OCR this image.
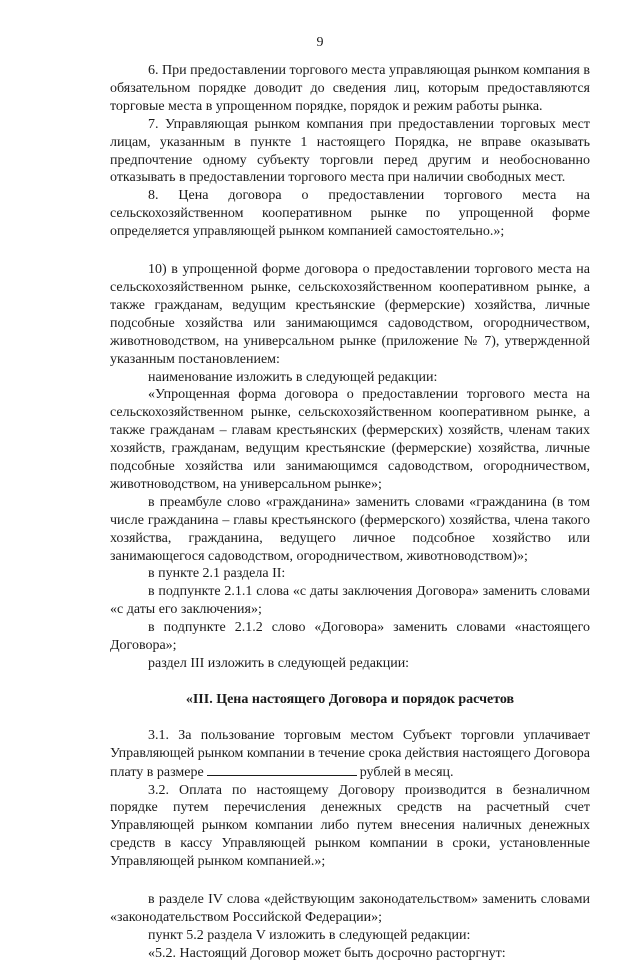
9

6. При предоставлении торгового места управляющая рынком компания в обязательном порядке доводит до сведения лиц, которым предоставляются торговые места в упрощенном порядке, порядок и режим работы рынка.

7. Управляющая рынком компания при предоставлении торговых мест лицам, указанным в пункте 1 настоящего Порядка, не вправе оказывать предпочтение одному субъекту торговли перед другим и необоснованно отказывать в предоставлении торгового места при наличии свободных мест.

8. Цена договора о предоставлении торгового места на сельскохозяйственном кооперативном рынке по упрощенной форме определяется управляющей рынком компанией самостоятельно.»;

10) в упрощенной форме договора о предоставлении торгового места на сельскохозяйственном рынке, сельскохозяйственном кооперативном рынке, а также гражданам, ведущим крестьянские (фермерские) хозяйства, личные подсобные хозяйства или занимающимся садоводством, огородничеством, животноводством, на универсальном рынке (приложение № 7), утвержденной указанным постановлением:

наименование изложить в следующей редакции:

«Упрощенная форма договора о предоставлении торгового места на сельскохозяйственном рынке, сельскохозяйственном кооперативном рынке, а также гражданам – главам крестьянских (фермерских) хозяйств, членам таких хозяйств, гражданам, ведущим крестьянские (фермерские) хозяйства, личные подсобные хозяйства или занимающимся садоводством, огородничеством, животноводством, на универсальном рынке»;

в преамбуле слово «гражданина» заменить словами «гражданина (в том числе гражданина – главы крестьянского (фермерского) хозяйства, члена такого хозяйства, гражданина, ведущего личное подсобное хозяйство или занимающегося садоводством, огородничеством, животноводством)»;

в пункте 2.1 раздела II:

в подпункте 2.1.1 слова «с даты заключения Договора» заменить словами «с даты его заключения»;

в подпункте 2.1.2 слово «Договора» заменить словами «настоящего Договора»;

раздел III изложить в следующей редакции:

«III. Цена настоящего Договора и порядок расчетов

3.1. За пользование торговым местом Субъект торговли уплачивает Управляющей рынком компании в течение срока действия настоящего Договора плату в размере	рублей в месяц.

3.2. Оплата по настоящему Договору производится в безналичном порядке путем перечисления денежных средств на расчетный счет Управляющей рынком компании либо путем внесения наличных денежных средств в кассу Управляющей рынком компании в сроки, установленные Управляющей рынком компанией.»;

в разделе IV слова «действующим законодательством» заменить словами «законодательством Российской Федерации»;

пункт 5.2 раздела V изложить в следующей редакции:

«5.2. Настоящий Договор может быть досрочно расторгнут:
